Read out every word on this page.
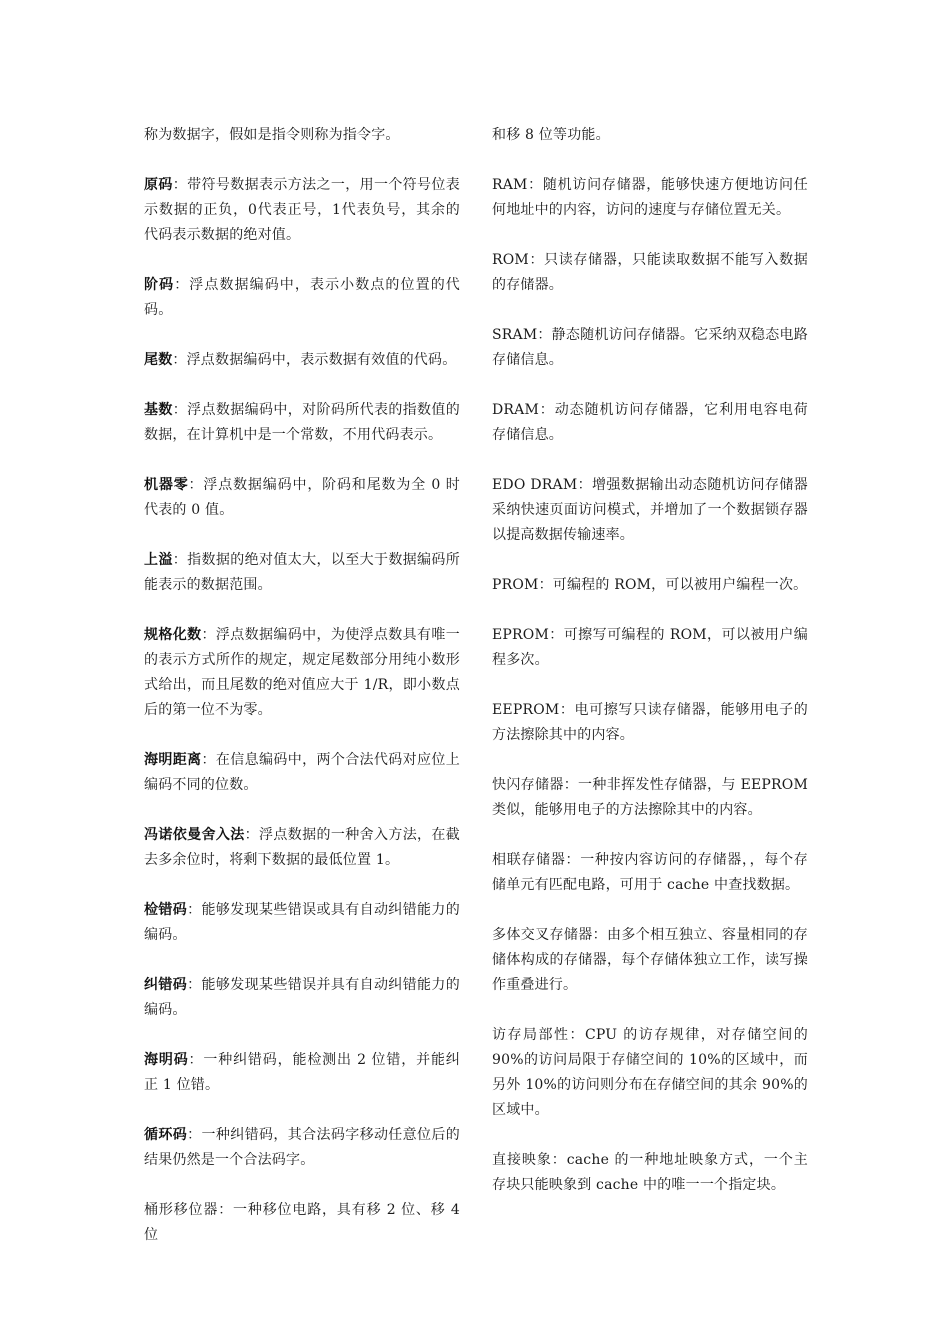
称为数据字，假如是指令则称为指令字。

原码：带符号数据表示方法之一，用一个符号位表示数据的正负，0代表正号，1代表负号，其余的代码表示数据的绝对值。

阶码：浮点数据编码中，表示小数点的位置的代码。

尾数：浮点数据编码中，表示数据有效值的代码。

基数：浮点数据编码中，对阶码所代表的指数值的数据，在计算机中是一个常数，不用代码表示。

机器零：浮点数据编码中，阶码和尾数为全 0 时代表的 0 值。

上溢：指数据的绝对值太大，以至大于数据编码所能表示的数据范围。

规格化数：浮点数据编码中，为使浮点数具有唯一的表示方式所作的规定，规定尾数部分用纯小数形式给出，而且尾数的绝对值应大于 1/R，即小数点后的第一位不为零。

海明距离：在信息编码中，两个合法代码对应位上编码不同的位数。

冯诺依曼舍入法：浮点数据的一种舍入方法，在截去多余位时，将剩下数据的最低位置 1。

检错码：能够发现某些错误或具有自动纠错能力的编码。

纠错码：能够发现某些错误并具有自动纠错能力的编码。

海明码：一种纠错码，能检测出 2 位错，并能纠正 1 位错。

循环码：一种纠错码，其合法码字移动任意位后的结果仍然是一个合法码字。

桶形移位器：一种移位电路，具有移 2 位、移 4 位

和移 8 位等功能。

RAM：随机访问存储器，能够快速方便地访问任何地址中的内容，访问的速度与存储位置无关。

ROM：只读存储器，只能读取数据不能写入数据的存储器。

SRAM：静态随机访问存储器。它采纳双稳态电路存储信息。

DRAM：动态随机访问存储器，它利用电容电荷存储信息。

EDO DRAM：增强数据输出动态随机访问存储器采纳快速页面访问模式，并增加了一个数据锁存器以提高数据传输速率。

PROM：可编程的 ROM，可以被用户编程一次。

EPROM：可擦写可编程的 ROM，可以被用户编程多次。

EEPROM：电可擦写只读存储器，能够用电子的方法擦除其中的内容。

快闪存储器：一种非挥发性存储器，与 EEPROM 类似，能够用电子的方法擦除其中的内容。

相联存储器：一种按内容访问的存储器，，每个存储单元有匹配电路，可用于 cache 中查找数据。

多体交叉存储器：由多个相互独立、容量相同的存储体构成的存储器，每个存储体独立工作，读写操作重叠进行。

访存局部性：CPU 的访存规律，对存储空间的 90%的访问局限于存储空间的 10%的区域中，而另外 10%的访问则分布在存储空间的其余 90%的区域中。

直接映象：cache 的一种地址映象方式，一个主存块只能映象到 cache 中的唯一一个指定块。
